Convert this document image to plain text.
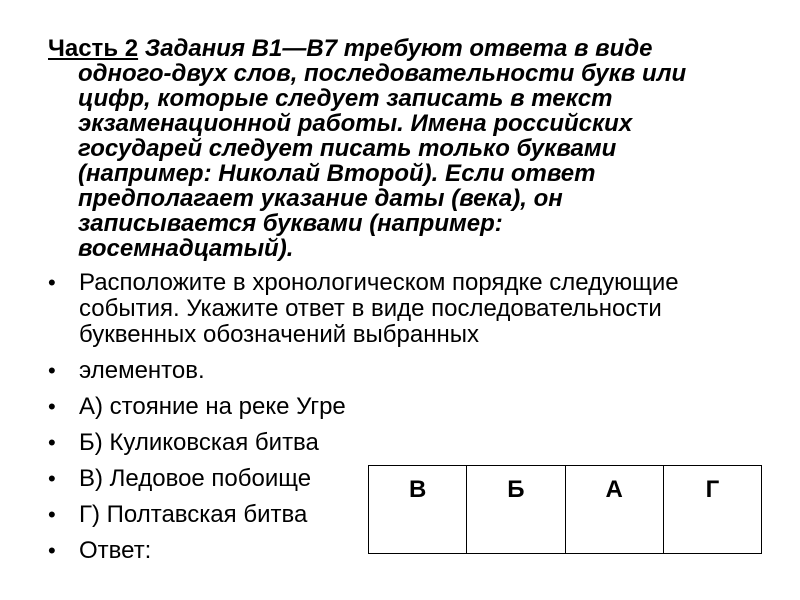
Часть 2 Задания В1—В7 требуют ответа в виде
одного-двух слов, последовательности букв или
цифр, которые следует записать в текст
экзаменационной работы. Имена российских
государей следует писать только буквами
(например: Николай Второй). Если ответ
предполагает указание даты (века), он
записывается буквами (например:
восемнадцатый).
• Расположите в хронологическом порядке следующие события. Укажите ответ в виде последовательности буквенных обозначений выбранных
• элементов.
• А) стояние на реке Угре
• Б) Куликовская битва
• В) Ледовое побоище
• Г) Полтавская битва
• Ответ:
В	Б	А	Г
